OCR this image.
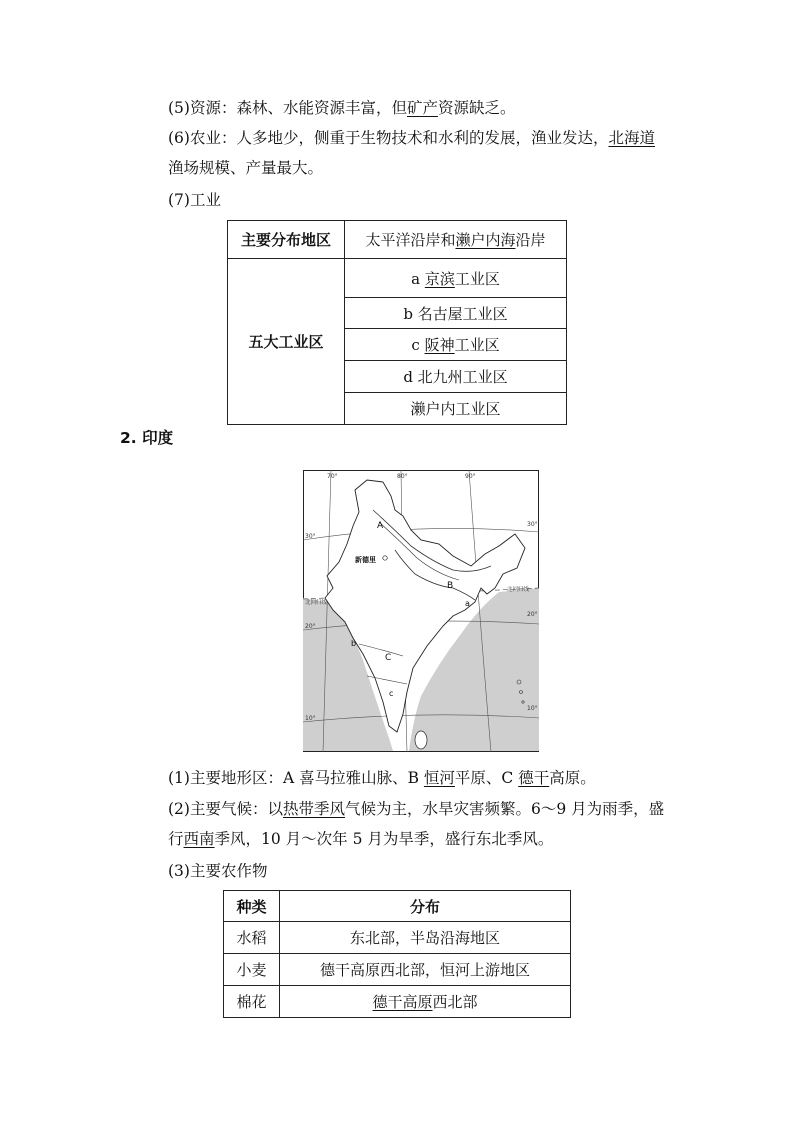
(5)资源：森林、水能资源丰富，但矿产资源缺乏。
(6)农业：人多地少，侧重于生物技术和水利的发展，渔业发达，北海道
渔场规模、产量最大。
(7)工业
主要分布地区	太平洋沿岸和濑户内海沿岸
五大工业区	a 京滨工业区
	b 名古屋工业区
	c 阪神工业区
	d 北九州工业区
	濑户内工业区
2. 印度
70°	80°	90°
30°
20°
10°
30°
20°
10°
新德里
北回归线
北回归线
A
B
C
a
b
c
(1)主要地形区：A 喜马拉雅山脉、B 恒河平原、C 德干高原。
(2)主要气候：以热带季风气候为主，水旱灾害频繁。6～9 月为雨季，盛
行西南季风，10 月～次年 5 月为旱季，盛行东北季风。
(3)主要农作物
种类	分布
水稻	东北部，半岛沿海地区
小麦	德干高原西北部，恒河上游地区
棉花	德干高原西北部
